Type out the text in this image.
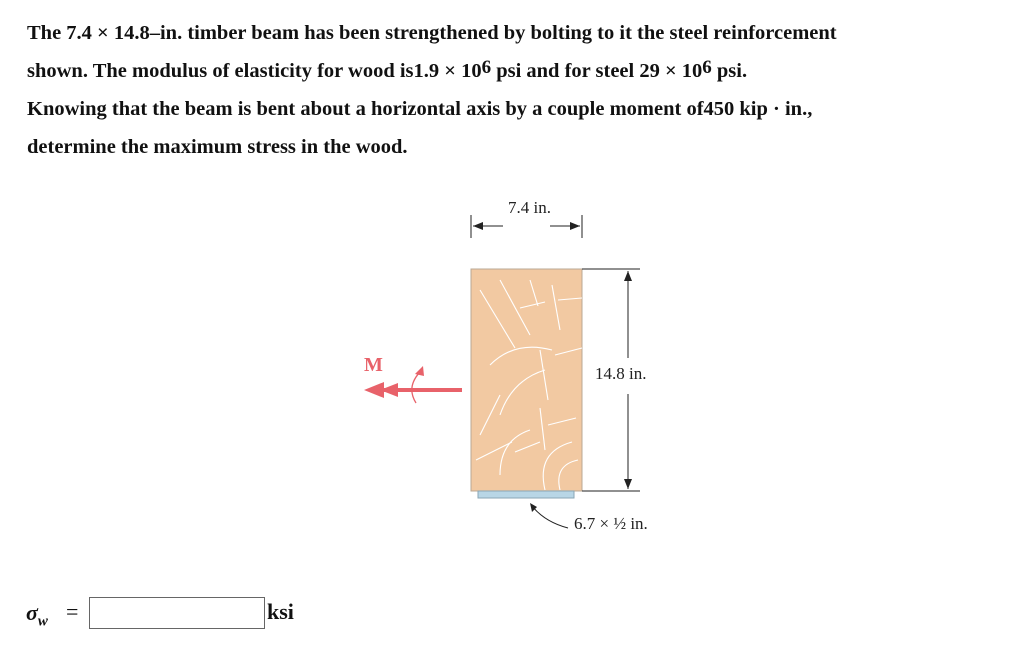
The 7.4 × 14.8–in. timber beam has been strengthened by bolting to it the steel reinforcement
shown. The modulus of elasticity for wood $is1.9 \times 10^6$ psi and for steel $29 \times 10^6$ psi.
Knowing that the beam is bent about a horizontal axis by a couple moment of450 kip · in.,
determine the maximum stress in the wood.

7.4 in.
14.8 in.
6.7 × ½ in.
M
$\sigma_w$ =	ksi
